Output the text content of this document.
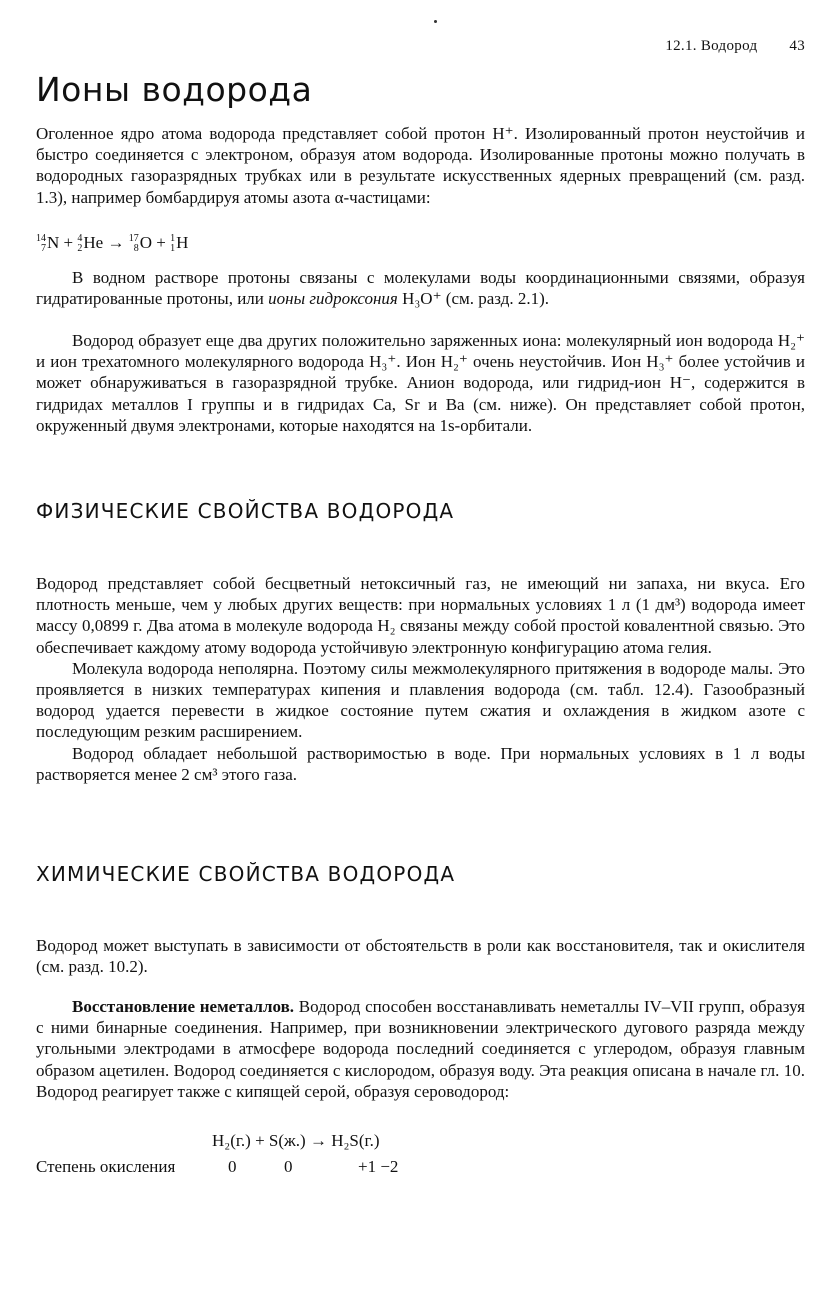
12.1. Водород 43
Ионы водорода

Оголенное ядро атома водорода представляет собой протон H⁺. Изолированный протон неустойчив и быстро соединяется с электроном, образуя атом водорода. Изолированные протоны можно получать в водородных газоразрядных трубках или в результате искусственных ядерных превращений (см. разд. 1.3), например бомбардируя атомы азота α-частицами:

14
7 N + 4
2 He → 17
8 O + 1
1 H

В водном растворе протоны связаны с молекулами воды координационными связями, образуя гидратированные протоны, или ионы гидроксония H₃O⁺ (см. разд. 2.1).

Водород образует еще два других положительно заряженных иона: молекулярный ион водорода H₂⁺ и ион трехатомного молекулярного водорода H₃⁺. Ион H₂⁺ очень неустойчив. Ион H₃⁺ более устойчив и может обнаруживаться в газоразрядной трубке. Анион водорода, или гидрид-ион H⁻, содержится в гидридах металлов I группы и в гидридах Ca, Sr и Ba (см. ниже). Он представляет собой протон, окруженный двумя электронами, которые находятся на 1s-орбитали.

ФИЗИЧЕСКИЕ СВОЙСТВА ВОДОРОДА

Водород представляет собой бесцветный нетоксичный газ, не имеющий ни запаха, ни вкуса. Его плотность меньше, чем у любых других веществ: при нормальных условиях 1 л (1 дм³) водорода имеет массу 0,0899 г. Два атома в молекуле водорода H₂ связаны между собой простой ковалентной связью. Это обеспечивает каждому атому водорода устойчивую электронную конфигурацию атома гелия.

Молекула водорода неполярна. Поэтому силы межмолекулярного притяжения в водороде малы. Это проявляется в низких температурах кипения и плавления водорода (см. табл. 12.4). Газообразный водород удается перевести в жидкое состояние путем сжатия и охлаждения в жидком азоте с последующим резким расширением.

Водород обладает небольшой растворимостью в воде. При нормальных условиях в 1 л воды растворяется менее 2 см³ этого газа.

ХИМИЧЕСКИЕ СВОЙСТВА ВОДОРОДА

Водород может выступать в зависимости от обстоятельств в роли как восстановителя, так и окислителя (см. разд. 10.2).

Восстановление неметаллов. Водород способен восстанавливать неметаллы IV–VII групп, образуя с ними бинарные соединения. Например, при возникновении электрического дугового разряда между угольными электродами в атмосфере водорода последний соединяется с углеродом, образуя главным образом ацетилен. Водород соединяется с кислородом, образуя воду. Эта реакция описана в начале гл. 10. Водород реагирует также с кипящей серой, образуя сероводород:

H₂(г.) + S(ж.) → H₂S(г.)
Степень окисления	0	0	+1 −2
